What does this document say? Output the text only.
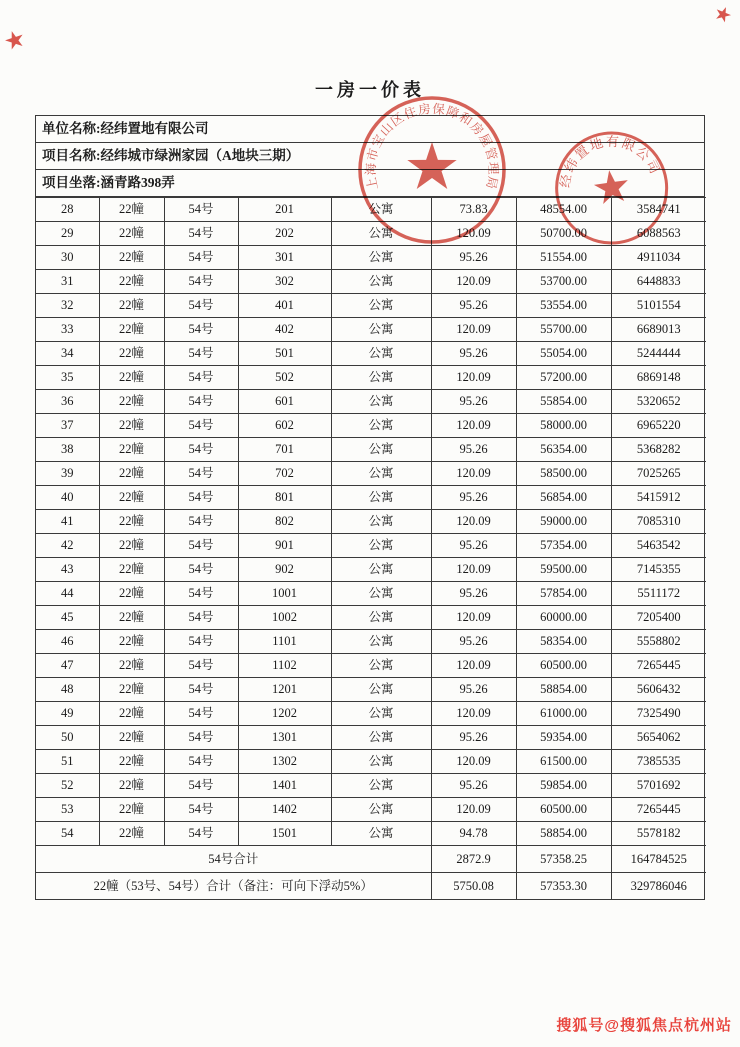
★
★
一房一价表
单位名称:经纬置地有限公司
项目名称:经纬城市绿洲家园（A地块三期）
项目坐落:涵青路398弄
28	22幢	54号	201	公寓	73.83	48554.00	3584741
29	22幢	54号	202	公寓	120.09	50700.00	6088563
30	22幢	54号	301	公寓	95.26	51554.00	4911034
31	22幢	54号	302	公寓	120.09	53700.00	6448833
32	22幢	54号	401	公寓	95.26	53554.00	5101554
33	22幢	54号	402	公寓	120.09	55700.00	6689013
34	22幢	54号	501	公寓	95.26	55054.00	5244444
35	22幢	54号	502	公寓	120.09	57200.00	6869148
36	22幢	54号	601	公寓	95.26	55854.00	5320652
37	22幢	54号	602	公寓	120.09	58000.00	6965220
38	22幢	54号	701	公寓	95.26	56354.00	5368282
39	22幢	54号	702	公寓	120.09	58500.00	7025265
40	22幢	54号	801	公寓	95.26	56854.00	5415912
41	22幢	54号	802	公寓	120.09	59000.00	7085310
42	22幢	54号	901	公寓	95.26	57354.00	5463542
43	22幢	54号	902	公寓	120.09	59500.00	7145355
44	22幢	54号	1001	公寓	95.26	57854.00	5511172
45	22幢	54号	1002	公寓	120.09	60000.00	7205400
46	22幢	54号	1101	公寓	95.26	58354.00	5558802
47	22幢	54号	1102	公寓	120.09	60500.00	7265445
48	22幢	54号	1201	公寓	95.26	58854.00	5606432
49	22幢	54号	1202	公寓	120.09	61000.00	7325490
50	22幢	54号	1301	公寓	95.26	59354.00	5654062
51	22幢	54号	1302	公寓	120.09	61500.00	7385535
52	22幢	54号	1401	公寓	95.26	59854.00	5701692
53	22幢	54号	1402	公寓	120.09	60500.00	7265445
54	22幢	54号	1501	公寓	94.78	58854.00	5578182
54号合计					2872.9	57358.25	164784525
22幢（53号、54号）合计（备注：可向下浮动5%）					5750.08	57353.30	329786046
上海市宝山区住房保障和房屋管理局	经纬置地有限公司
搜狐号@搜狐焦点杭州站
